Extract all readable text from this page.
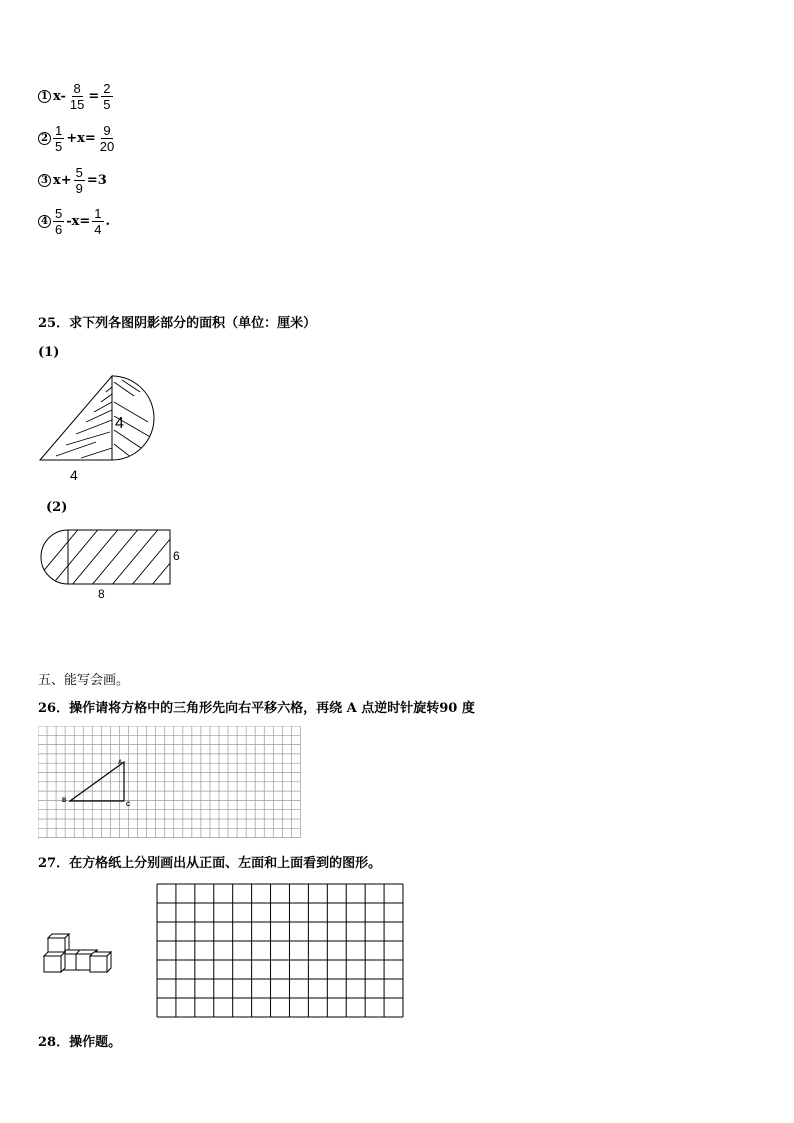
1 $x- \frac{8}{15} = \frac{2}{5}$
$2 \frac{1}{5} +x= \frac{9}{20}$
3 $x+ \frac{5}{9} =3$
$4 \frac{5}{6} -x= \frac{1}{4}$ .
25．求下列各图阴影部分的面积（单位：厘米）
(1)
4
4
(2)
6
8
五、能写会画。
26．操作请将方格中的三角形先向右平移六格，再绕 A 点逆时针旋转90 度
A
B
C
27．在方格纸上分别画出从正面、左面和上面看到的图形。
28．操作题。
